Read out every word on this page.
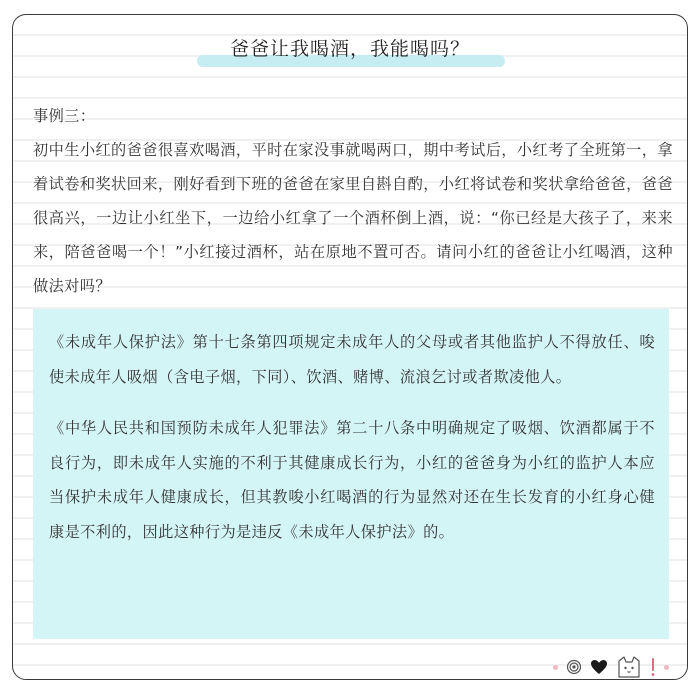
爸爸让我喝酒，我能喝吗？

事例三：

初中生小红的爸爸很喜欢喝酒，平时在家没事就喝两口，期中考试后，小红考了全班第一，拿着试卷和奖状回来，刚好看到下班的爸爸在家里自斟自酌，小红将试卷和奖状拿给爸爸，爸爸很高兴，一边让小红坐下，一边给小红拿了一个酒杯倒上酒，说：“你已经是大孩子了，来来来，陪爸爸喝一个！”小红接过酒杯，站在原地不置可否。请问小红的爸爸让小红喝酒，这种做法对吗？

《未成年人保护法》第十七条第四项规定未成年人的父母或者其他监护人不得放任、唆使未成年人吸烟（含电子烟，下同）、饮酒、赌博、流浪乞讨或者欺凌他人。

《中华人民共和国预防未成年人犯罪法》第二十八条中明确规定了吸烟、饮酒都属于不良行为，即未成年人实施的不利于其健康成长行为，小红的爸爸身为小红的监护人本应当保护未成年人健康成长，但其教唆小红喝酒的行为显然对还在生长发育的小红身心健康是不利的，因此这种行为是违反《未成年人保护法》的。
